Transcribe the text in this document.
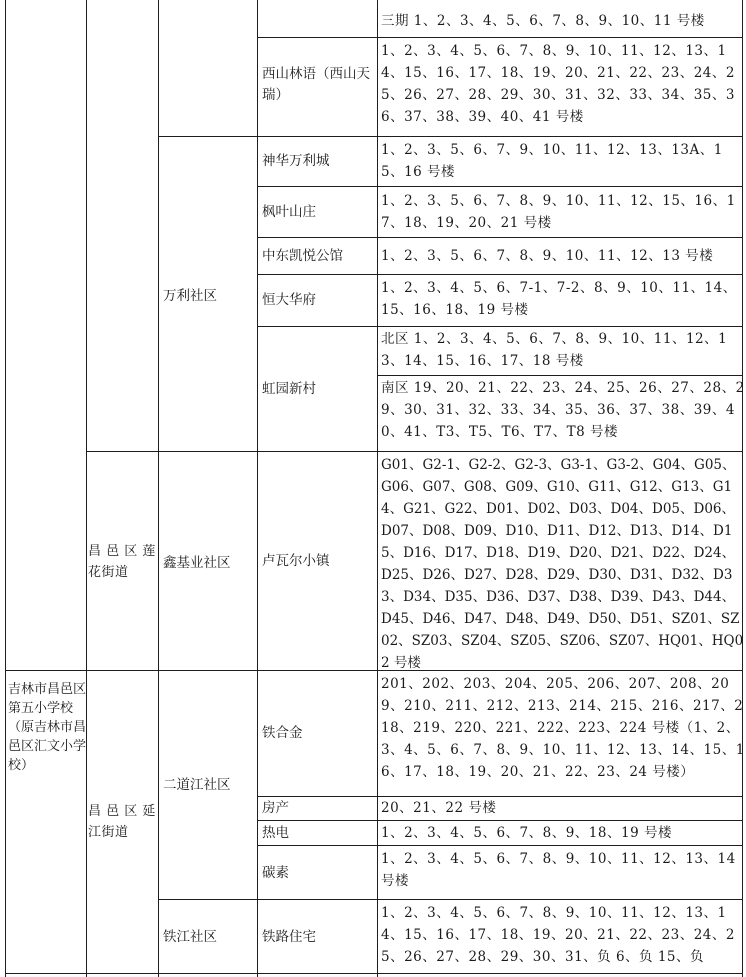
吉林市昌邑区第五小学校（原吉林市昌邑区汇文小学校）
昌 邑 区 莲花街道
昌 邑 区 延江街道
万利社区
鑫基业社区
二道江社区
铁江社区
西山林语（西山天瑞）
神华万利城
枫叶山庄
中东凯悦公馆
恒大华府
虹园新村
卢瓦尔小镇
铁合金
房产
热电
碳素
铁路住宅
三期 1、2、3、4、5、6、7、8、9、10、11 号楼
1、2、3、4、5、6、7、8、9、10、11、12、13、14、15、16、17、18、19、20、21、22、23、24、25、26、27、28、29、30、31、32、33、34、35、36、37、38、39、40、41 号楼
1、2、3、5、6、7、9、10、11、12、13、13A、15、16 号楼
1、2、3、5、6、7、8、9、10、11、12、15、16、17、18、19、20、21 号楼
1、2、3、5、6、7、8、9、10、11、12、13 号楼
1、2、3、4、5、6、7-1、7-2、8、9、10、11、14、15、16、18、19 号楼
北区 1、2、3、4、5、6、7、8、9、10、11、12、13、14、15、16、17、18 号楼
南区 19、20、21、22、23、24、25、26、27、28、29、30、31、32、33、34、35、36、37、38、39、40、41、T3、T5、T6、T7、T8 号楼
G01、G2-1、G2-2、G2-3、G3-1、G3-2、G04、G05、G06、G07、G08、G09、G10、G11、G12、G13、G14、G21、G22、D01、D02、D03、D04、D05、D06、D07、D08、D09、D10、D11、D12、D13、D14、D15、D16、D17、D18、D19、D20、D21、D22、D24、D25、D26、D27、D28、D29、D30、D31、D32、D33、D34、D35、D36、D37、D38、D39、D43、D44、D45、D46、D47、D48、D49、D50、D51、SZ01、SZ02、SZ03、SZ04、SZ05、SZ06、SZ07、HQ01、HQ02 号楼
201、202、203、204、205、206、207、208、209、210、211、212、213、214、215、216、217、218、219、220、221、222、223、224 号楼（1、2、3、4、5、6、7、8、9、10、11、12、13、14、15、16、17、18、19、20、21、22、23、24 号楼）
20、21、22 号楼
1、2、3、4、5、6、7、8、9、18、19 号楼
1、2、3、4、5、6、7、8、9、10、11、12、13、14 号楼
1、2、3、4、5、6、7、8、9、10、11、12、13、14、15、16、17、18、19、20、21、22、23、24、25、26、27、28、29、30、31、负 6、负 15、负
